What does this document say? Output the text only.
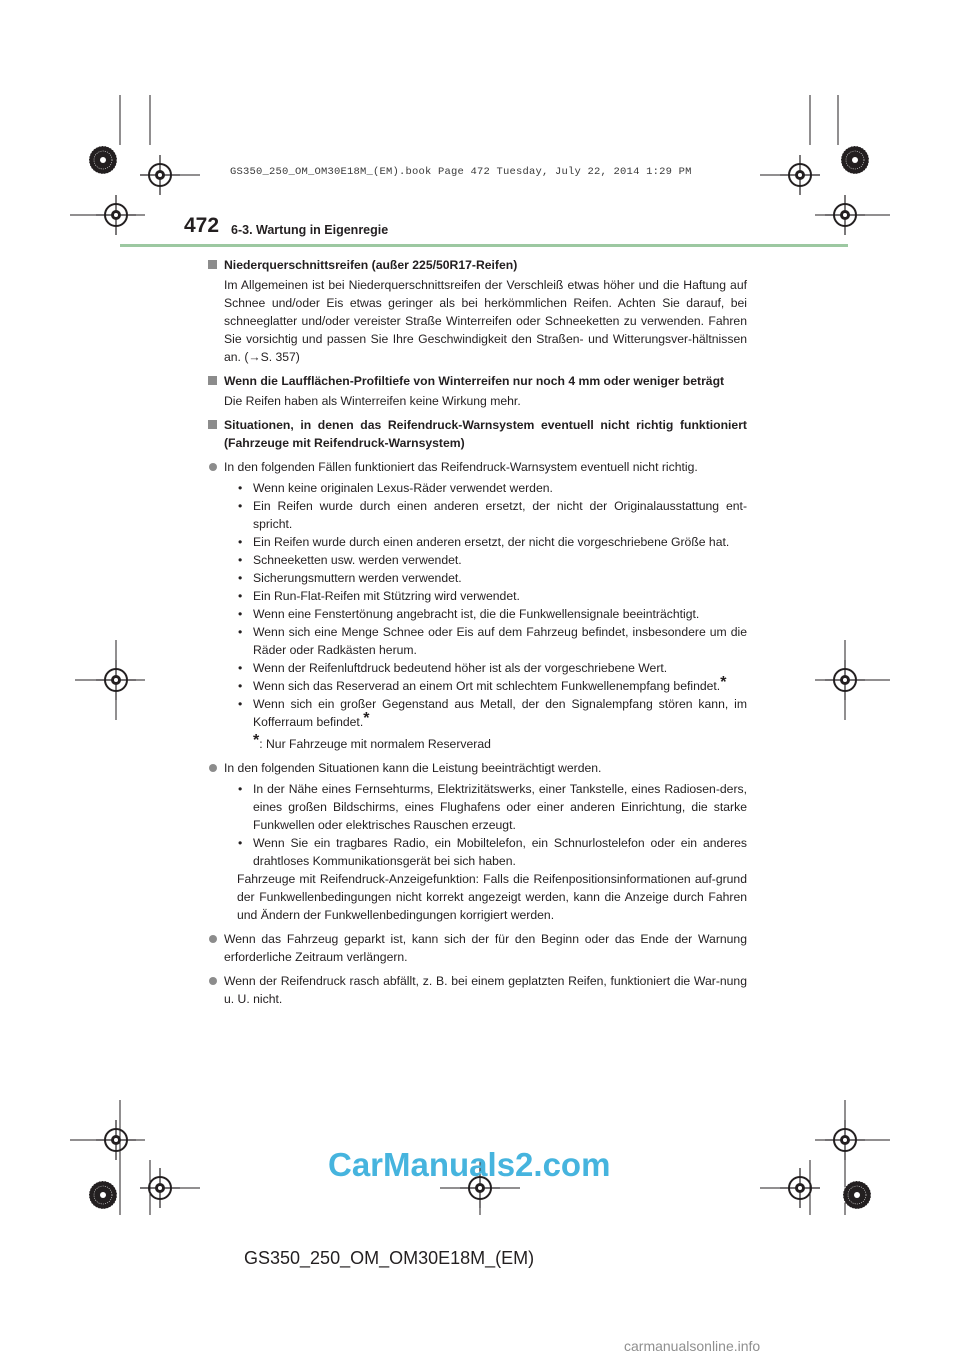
GS350_250_OM_OM30E18M_(EM).book Page 472 Tuesday, July 22, 2014 1:29 PM
472 6-3. Wartung in Eigenregie
Niederquerschnittsreifen (außer 225/50R17-Reifen)
Im Allgemeinen ist bei Niederquerschnittsreifen der Verschleiß etwas höher und die Haftung auf Schnee und/oder Eis etwas geringer als bei herkömmlichen Reifen. Achten Sie darauf, bei schneeglatter und/oder vereister Straße Winterreifen oder Schneeketten zu verwenden. Fahren Sie vorsichtig und passen Sie Ihre Geschwindigkeit den Straßen- und Witterungsver-hältnissen an. (→S. 357)
Wenn die Laufflächen-Profiltiefe von Winterreifen nur noch 4 mm oder weniger beträgt
Die Reifen haben als Winterreifen keine Wirkung mehr.
Situationen, in denen das Reifendruck-Warnsystem eventuell nicht richtig funktioniert (Fahrzeuge mit Reifendruck-Warnsystem)
In den folgenden Fällen funktioniert das Reifendruck-Warnsystem eventuell nicht richtig.
• Wenn keine originalen Lexus-Räder verwendet werden.
• Ein Reifen wurde durch einen anderen ersetzt, der nicht der Originalausstattung ent-spricht.
• Ein Reifen wurde durch einen anderen ersetzt, der nicht die vorgeschriebene Größe hat.
• Schneeketten usw. werden verwendet.
• Sicherungsmuttern werden verwendet.
• Ein Run-Flat-Reifen mit Stützring wird verwendet.
• Wenn eine Fenstertönung angebracht ist, die die Funkwellensignale beeinträchtigt.
• Wenn sich eine Menge Schnee oder Eis auf dem Fahrzeug befindet, insbesondere um die Räder oder Radkästen herum.
• Wenn der Reifenluftdruck bedeutend höher ist als der vorgeschriebene Wert.
• Wenn sich das Reserverad an einem Ort mit schlechtem Funkwellenempfang befindet.*
• Wenn sich ein großer Gegenstand aus Metall, der den Signalempfang stören kann, im Kofferraum befindet.*
*: Nur Fahrzeuge mit normalem Reserverad
In den folgenden Situationen kann die Leistung beeinträchtigt werden.
• In der Nähe eines Fernsehturms, Elektrizitätswerks, einer Tankstelle, eines Radiosen-ders, eines großen Bildschirms, eines Flughafens oder einer anderen Einrichtung, die starke Funkwellen oder elektrisches Rauschen erzeugt.
• Wenn Sie ein tragbares Radio, ein Mobiltelefon, ein Schnurlostelefon oder ein anderes drahtloses Kommunikationsgerät bei sich haben.
Fahrzeuge mit Reifendruck-Anzeigefunktion: Falls die Reifenpositionsinformationen auf-grund der Funkwellenbedingungen nicht korrekt angezeigt werden, kann die Anzeige durch Fahren und Ändern der Funkwellenbedingungen korrigiert werden.
Wenn das Fahrzeug geparkt ist, kann sich der für den Beginn oder das Ende der Warnung erforderliche Zeitraum verlängern.
Wenn der Reifendruck rasch abfällt, z. B. bei einem geplatzten Reifen, funktioniert die War-nung u. U. nicht.
CarManuals2.com
GS350_250_OM_OM30E18M_(EM)
carmanualsonline.info
